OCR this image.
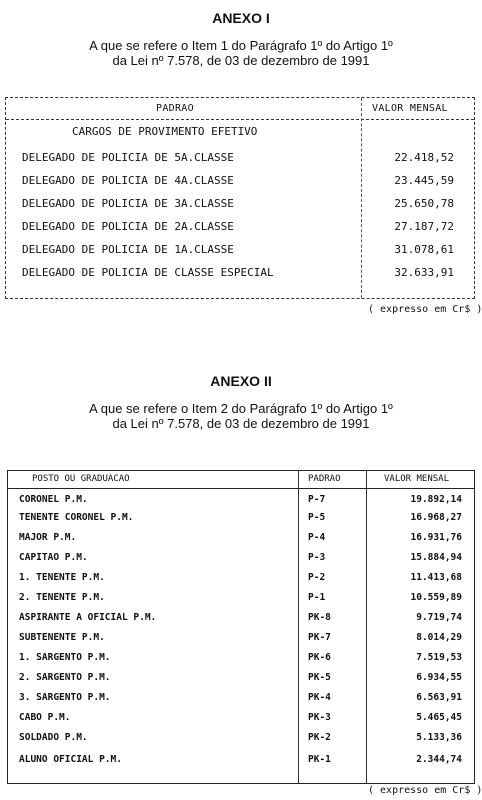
ANEXO I
A que se refere o Item 1 do Parágrafo 1º do Artigo 1º
da Lei nº 7.578, de 03 de dezembro de 1991
PADRAO	VALOR MENSAL
CARGOS DE PROVIMENTO EFETIVO
DELEGADO DE POLICIA DE 5A.CLASSE	22.418,52
DELEGADO DE POLICIA DE 4A.CLASSE	23.445,59
DELEGADO DE POLICIA DE 3A.CLASSE	25.650,78
DELEGADO DE POLICIA DE 2A.CLASSE	27.187,72
DELEGADO DE POLICIA DE 1A.CLASSE	31.078,61
DELEGADO DE POLICIA DE CLASSE ESPECIAL	32.633,91
( expresso em Cr$ )
ANEXO II
A que se refere o Item 2 do Parágrafo 1º do Artigo 1º
da Lei nº 7.578, de 03 de dezembro de 1991
POSTO OU GRADUACAO	PADRAO	VALOR MENSAL
CORONEL P.M.	P-7	19.892,14
TENENTE CORONEL P.M.	P-5	16.968,27
MAJOR P.M.	P-4	16.931,76
CAPITAO P.M.	P-3	15.884,94
1. TENENTE P.M.	P-2	11.413,68
2. TENENTE P.M.	P-1	10.559,89
ASPIRANTE A OFICIAL P.M.	PK-8	9.719,74
SUBTENENTE P.M.	PK-7	8.014,29
1. SARGENTO P.M.	PK-6	7.519,53
2. SARGENTO P.M.	PK-5	6.934,55
3. SARGENTO P.M.	PK-4	6.563,91
CABO P.M.	PK-3	5.465,45
SOLDADO P.M.	PK-2	5.133,36
ALUNO OFICIAL P.M.	PK-1	2.344,74
( expresso em Cr$ )
